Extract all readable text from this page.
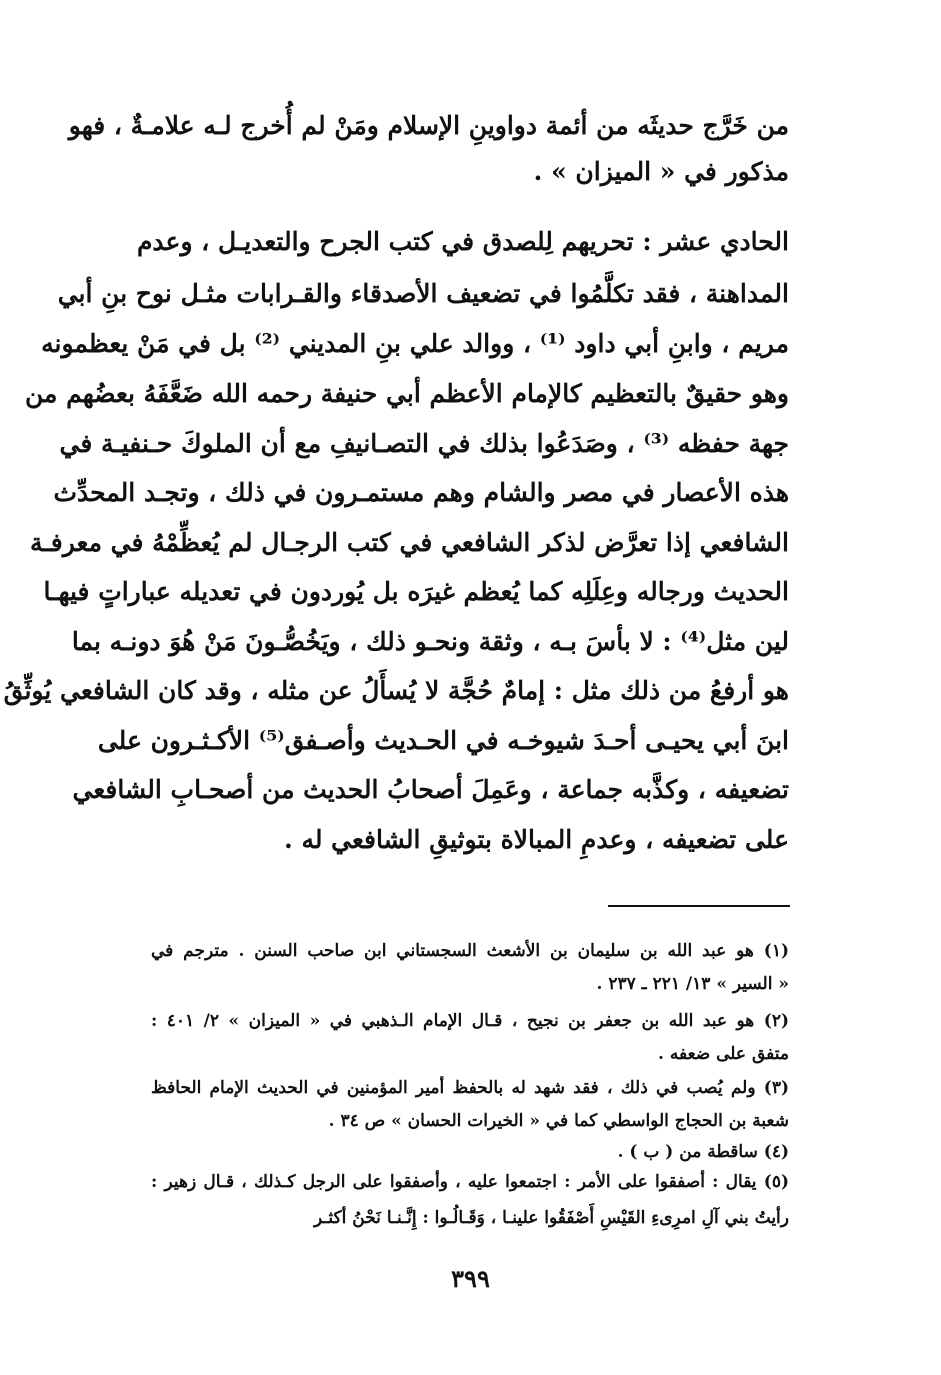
من خَرَّج حديثَه من أئمة دواوينِ الإسلام ومَنْ لم أُخرج لـه علامـةٌ ، فهو
مذكور في « الميزان » .
الحادي عشر : تحريهم لِلصدق في كتب الجرح والتعديـل ، وعدم
المداهنة ، فقد تكلَّمُوا في تضعيف الأصدقاء والقـرابات مثـل نوح بنِ أبي
مريم ، وابنِ أبي داود ⁽¹⁾ ، ووالد علي بنِ المديني ⁽²⁾ بل في مَنْ يعظمونه
وهو حقيقٌ بالتعظيم كالإمام الأعظم أبي حنيفة رحمه الله ضَعَّفَهُ بعضُهم من
جهة حفظه ⁽³⁾ ، وصَدَعُوا بذلك في التصـانيفِ مع أن الملوكَ حـنفيـة في
هذه الأعصار في مصر والشام وهم مستمـرون في ذلك ، وتجـد المحدِّث
الشافعي إذا تعرَّض لذكر الشافعي في كتب الرجـال لم يُعظِّمْهُ في معرفـة
الحديث ورجاله وعِلَلِه كما يُعظم غيرَه بل يُوردون في تعديله عباراتٍ فيهـا
لين مثل⁽⁴⁾ : لا بأسَ بـه ، وثقة ونحـو ذلك ، ويَخُصُّـونَ مَنْ هُوَ دونـه بما
هو أرفعُ من ذلك مثل : إمامٌ حُجَّة لا يُسأَلُ عن مثله ، وقد كان الشافعي يُوثِّقُ
ابنَ أبي يحيـى أحـدَ شيوخـه في الحـديث وأصـفق⁽⁵⁾ الأكـثـرون على
تضعيفه ، وكذَّبه جماعة ، وعَمِلَ أصحابُ الحديث من أصحـابِ الشافعي
على تضعيفه ، وعدمِ المبالاة بتوثيقِ الشافعي له .
(١) هو عبد الله بن سليمان بن الأشعث السجستاني ابن صاحب السنن . مترجم في
« السير » ١٣/ ٢٢١ ـ ٢٣٧ .
(٢) هو عبد الله بن جعفر بن نجيح ، قـال الإمام الـذهبي في « الميزان » ٢/ ٤٠١ :
متفق على ضعفه .
(٣) ولم يُصب في ذلك ، فقد شهد له بالحفظ أمير المؤمنين في الحديث الإمام الحافظ
شعبة بن الحجاج الواسطي كما في « الخيرات الحسان » ص ٣٤ .
(٤) ساقطة من ( ب ) .
(٥) يقال : أصفقوا على الأمر : اجتمعوا عليه ، وأصفقوا على الرجل كـذلك ، قـال زهير :
رأيتُ بني آلِ امرِىءِ القَيْسِ أَصْفَقُوا علينـا ، وَقَـالُـوا : إِنَّـنـا نَحْنُ أكثـر
٣٩٩
